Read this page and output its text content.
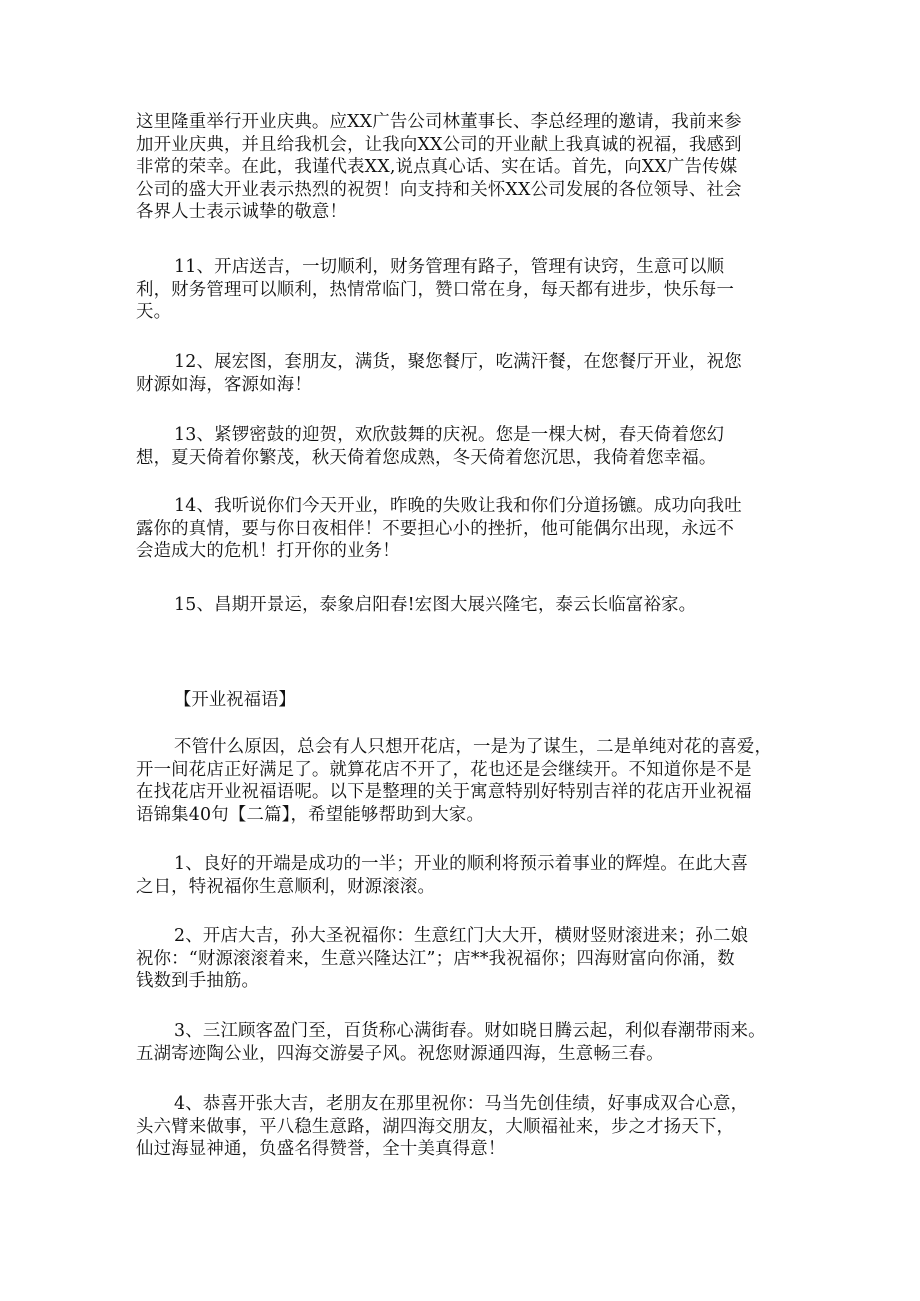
这里隆重举行开业庆典。应XX广告公司林董事长、李总经理的邀请，我前来参
加开业庆典，并且给我机会，让我向XX公司的开业献上我真诚的祝福，我感到
非常的荣幸。在此，我谨代表XX,说点真心话、实在话。首先，向XX广告传媒
公司的盛大开业表示热烈的祝贺！向支持和关怀XX公司发展的各位领导、社会
各界人士表示诚挚的敬意！

11、开店送吉，一切顺利，财务管理有路子，管理有诀窍，生意可以顺
利，财务管理可以顺利，热情常临门，赞口常在身，每天都有进步，快乐每一
天。

12、展宏图，套朋友，满货，聚您餐厅，吃满汗餐，在您餐厅开业，祝您
财源如海，客源如海！

13、紧锣密鼓的迎贺，欢欣鼓舞的庆祝。您是一棵大树，春天倚着您幻
想，夏天倚着你繁茂，秋天倚着您成熟，冬天倚着您沉思，我倚着您幸福。

14、我听说你们今天开业，昨晚的失败让我和你们分道扬镳。成功向我吐
露你的真情，要与你日夜相伴！不要担心小的挫折，他可能偶尔出现，永远不
会造成大的危机！打开你的业务！

15、昌期开景运，泰象启阳春!宏图大展兴隆宅，泰云长临富裕家。

【开业祝福语】

不管什么原因，总会有人只想开花店，一是为了谋生，二是单纯对花的喜爱，
开一间花店正好满足了。就算花店不开了，花也还是会继续开。不知道你是不是
在找花店开业祝福语呢。以下是整理的关于寓意特别好特别吉祥的花店开业祝福
语锦集40句【二篇】，希望能够帮助到大家。

1、良好的开端是成功的一半；开业的顺利将预示着事业的辉煌。在此大喜
之日，特祝福你生意顺利，财源滚滚。

2、开店大吉，孙大圣祝福你：生意红门大大开，横财竖财滚进来；孙二娘
祝你：“财源滚滚着来，生意兴隆达江”；店**我祝福你；四海财富向你涌，数
钱数到手抽筋。

3、三江顾客盈门至，百货称心满街春。财如晓日腾云起，利似春潮带雨来。
五湖寄迹陶公业，四海交游晏子风。祝您财源通四海，生意畅三春。

4、恭喜开张大吉，老朋友在那里祝你：马当先创佳绩，好事成双合心意，
头六臂来做事，平八稳生意路，湖四海交朋友，大顺福祉来，步之才扬天下，
仙过海显神通，负盛名得赞誉，全十美真得意！
